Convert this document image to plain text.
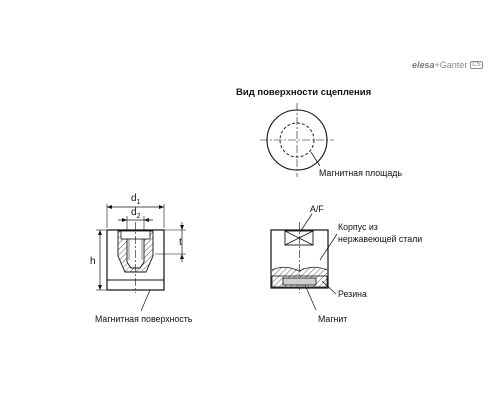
elesa+Ganter CS
Вид поверхности сцепления
Магнитная площадь
$d_1$
$d_2$
h
t
Магнитная поверхность
A/F
Корпус из
нержавеющей стали
Резина
Магнит
